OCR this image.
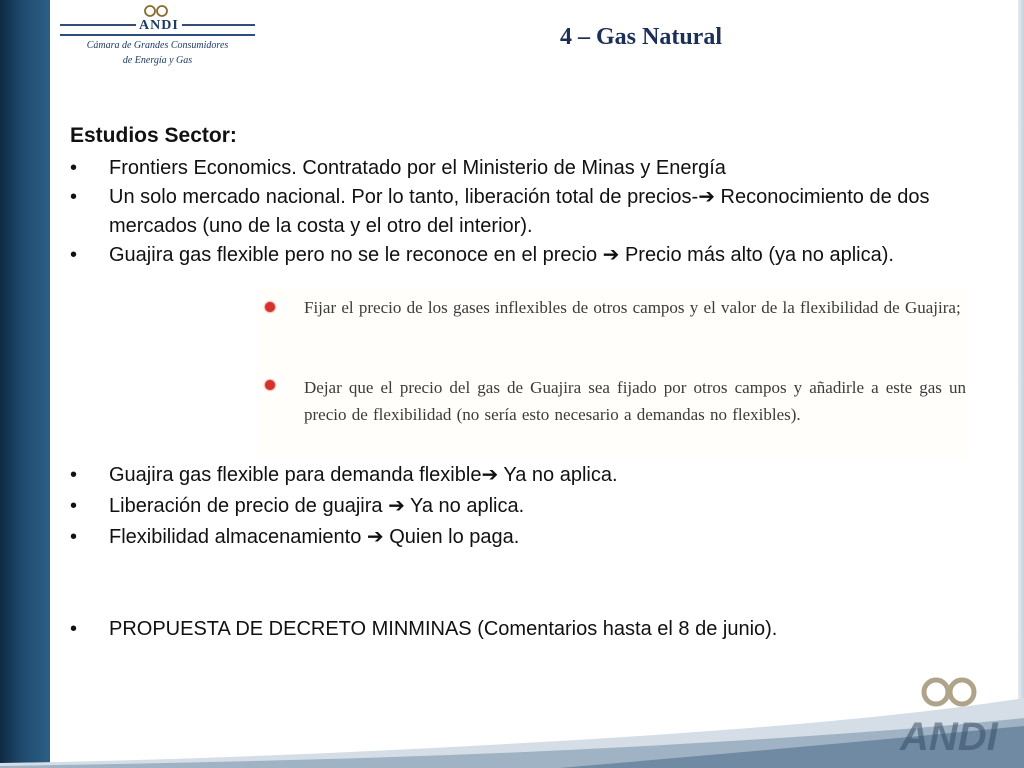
ANDI
Cámara de Grandes Consumidores
de Energía y Gas
4 – Gas Natural
Estudios Sector:
• Frontiers Economics. Contratado por el Ministerio de Minas y Energía
• Un solo mercado nacional. Por lo tanto, liberación total de precios-➔ Reconocimiento de dos mercados (uno de la costa y el otro del interior).
• Guajira gas flexible pero no se le reconoce en el precio ➔ Precio más alto (ya no aplica).
Fijar el precio de los gases inflexibles de otros campos y el valor de la flexibilidad de Guajira;
Dejar que el precio del gas de Guajira sea fijado por otros campos y añadirle a este gas un precio de flexibilidad (no sería esto necesario a demandas no flexibles).
• Guajira gas flexible para demanda flexible➔ Ya no aplica.
• Liberación de precio de guajira ➔ Ya no aplica.
• Flexibilidad almacenamiento ➔ Quien lo paga.
• PROPUESTA DE DECRETO MINMINAS (Comentarios hasta el 8 de junio).
ANDI
